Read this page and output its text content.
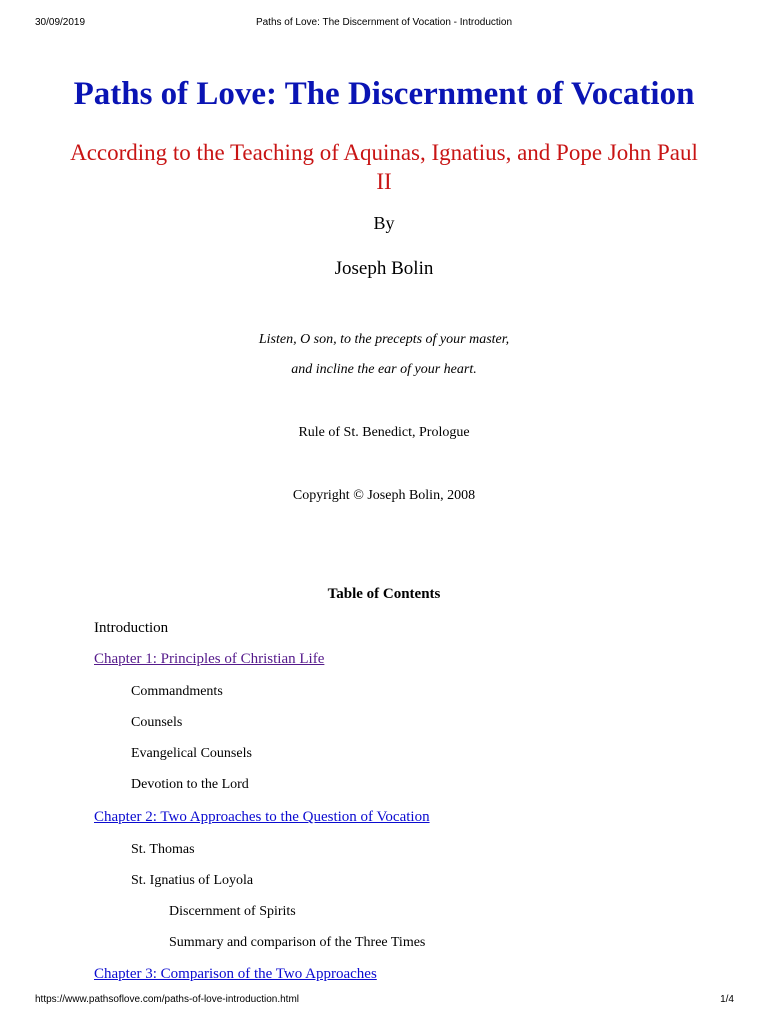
30/09/2019	Paths of Love: The Discernment of Vocation - Introduction
Paths of Love: The Discernment of Vocation

According to the Teaching of Aquinas, Ignatius, and Pope John Paul II

By
Joseph Bolin
Listen, O son, to the precepts of your master,
and incline the ear of your heart.
Rule of St. Benedict, Prologue
Copyright © Joseph Bolin, 2008
Table of Contents
Introduction
Chapter 1: Principles of Christian Life
Commandments
Counsels
Evangelical Counsels
Devotion to the Lord
Chapter 2: Two Approaches to the Question of Vocation
St. Thomas
St. Ignatius of Loyola
Discernment of Spirits
Summary and comparison of the Three Times
Chapter 3: Comparison of the Two Approaches
https://www.pathsoflove.com/paths-of-love-introduction.html	1/4
